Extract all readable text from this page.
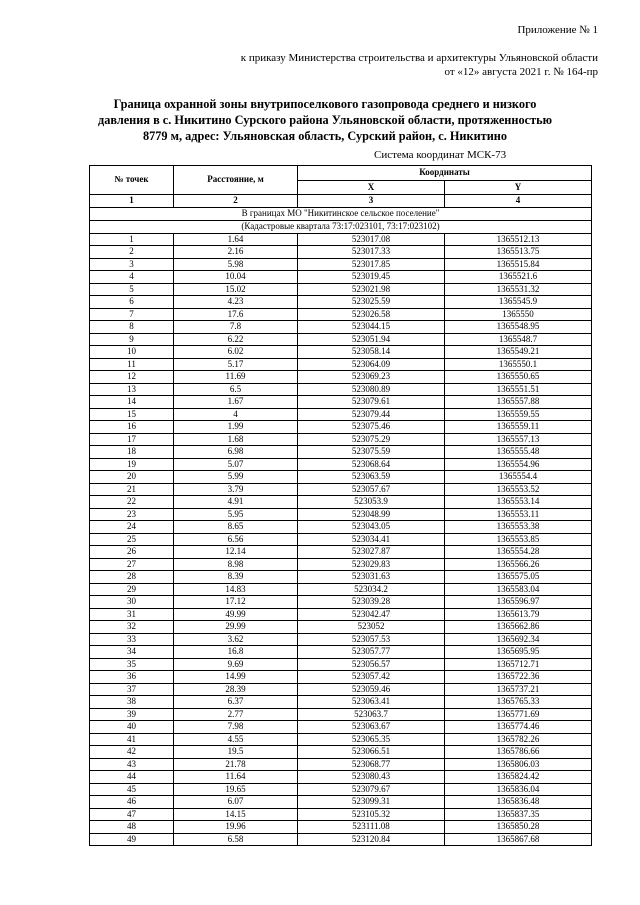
Приложение № 1
к приказу Министерства строительства и архитектуры Ульяновской области
от «12» августа 2021 г. № 164-пр
Граница охранной зоны внутрипоселкового газопровода среднего и низкого
давления в с. Никитино Сурского района Ульяновской области, протяженностью
8779 м, адрес: Ульяновская область, Сурский район, с. Никитино
Система координат МСК-73
№ точек	Расстояние, м	Координаты	
		X	Y
1	2	3	4
В границах МО "Никитинское сельское поселение"			
(Кадастровые квартала 73:17:023101, 73:17:023102)			
1	1.64	523017.08	1365512.13
2	2.16	523017.33	1365513.75
3	5.98	523017.85	1365515.84
4	10.04	523019.45	1365521.6
5	15.02	523021.98	1365531.32
6	4.23	523025.59	1365545.9
7	17.6	523026.58	1365550
8	7.8	523044.15	1365548.95
9	6.22	523051.94	1365548.7
10	6.02	523058.14	1365549.21
11	5.17	523064.09	1365550.1
12	11.69	523069.23	1365550.65
13	6.5	523080.89	1365551.51
14	1.67	523079.61	1365557.88
15	4	523079.44	1365559.55
16	1.99	523075.46	1365559.11
17	1.68	523075.29	1365557.13
18	6.98	523075.59	1365555.48
19	5.07	523068.64	1365554.96
20	5.99	523063.59	1365554.4
21	3.79	523057.67	1365553.52
22	4.91	523053.9	1365553.14
23	5.95	523048.99	1365553.11
24	8.65	523043.05	1365553.38
25	6.56	523034.41	1365553.85
26	12.14	523027.87	1365554.28
27	8.98	523029.83	1365566.26
28	8.39	523031.63	1365575.05
29	14.83	523034.2	1365583.04
30	17.12	523039.28	1365596.97
31	49.99	523042.47	1365613.79
32	29.99	523052	1365662.86
33	3.62	523057.53	1365692.34
34	16.8	523057.77	1365695.95
35	9.69	523056.57	1365712.71
36	14.99	523057.42	1365722.36
37	28.39	523059.46	1365737.21
38	6.37	523063.41	1365765.33
39	2.77	523063.7	1365771.69
40	7.98	523063.67	1365774.46
41	4.55	523065.35	1365782.26
42	19.5	523066.51	1365786.66
43	21.78	523068.77	1365806.03
44	11.64	523080.43	1365824.42
45	19.65	523079.67	1365836.04
46	6.07	523099.31	1365836.48
47	14.15	523105.32	1365837.35
48	19.96	523111.08	1365850.28
49	6.58	523120.84	1365867.68
